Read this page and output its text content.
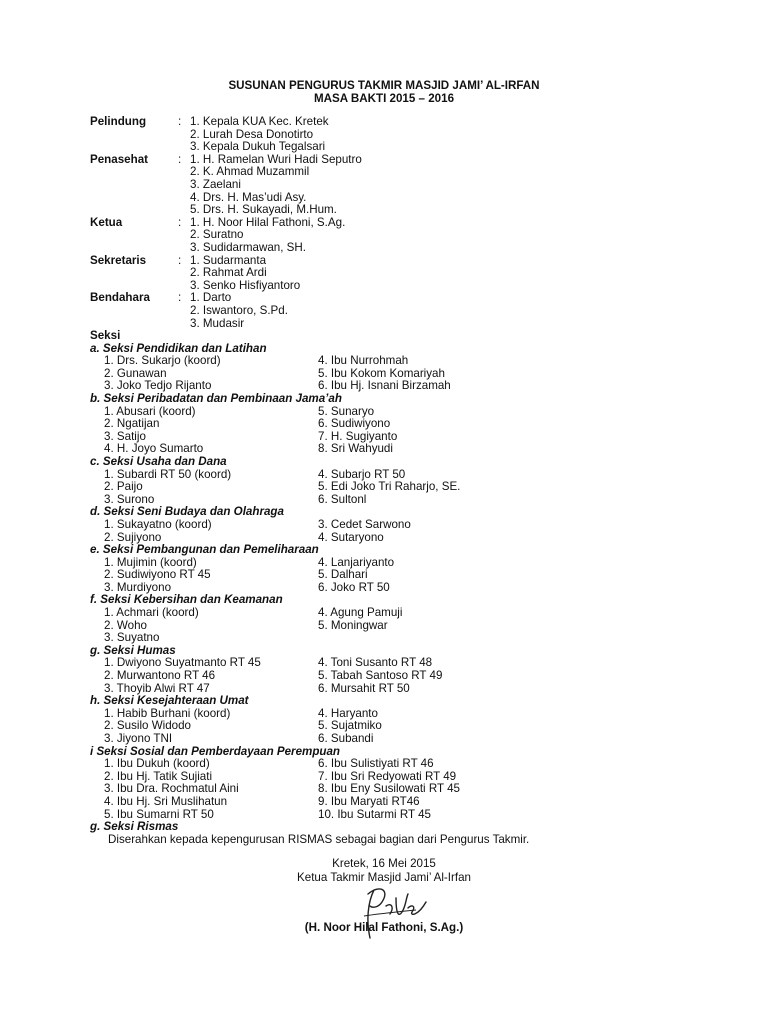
SUSUNAN PENGURUS TAKMIR MASJID JAMI’ AL-IRFAN
MASA BAKTI 2015 – 2016
Pelindung	: 1. Kepala KUA Kec. Kretek
2. Lurah Desa Donotirto
3. Kepala Dukuh Tegalsari
Penasehat	: 1. H. Ramelan Wuri Hadi Seputro
2. K. Ahmad Muzammil
3. Zaelani
4. Drs. H. Mas’udi Asy.
5. Drs. H. Sukayadi, M.Hum.
Ketua	: 1. H. Noor Hilal Fathoni, S.Ag.
2. Suratno
3. Sudidarmawan, SH.
Sekretaris	: 1. Sudarmanta
2. Rahmat Ardi
3. Senko Hisfiyantoro
Bendahara : 1. Darto
2. Iswantoro, S.Pd.
3. Mudasir
Seksi
a. Seksi Pendidikan dan Latihan
1. Drs. Sukarjo (koord)	4. Ibu Nurrohmah
2. Gunawan	5. Ibu Kokom Komariyah
3. Joko Tedjo Rijanto	6. Ibu Hj. Isnani Birzamah
b. Seksi Peribadatan dan Pembinaan Jama’ah
1. Abusari (koord)	5. Sunaryo
2. Ngatijan	6. Sudiwiyono
3. Satijo	7. H. Sugiyanto
4. H. Joyo Sumarto	8. Sri Wahyudi
c. Seksi Usaha dan Dana
1. Subardi RT 50 (koord)	4. Subarjo RT 50
2. Paijo	5. Edi Joko Tri Raharjo, SE.
3. Surono	6. Sultonl
d. Seksi Seni Budaya dan Olahraga
1. Sukayatno (koord)	3. Cedet Sarwono
2. Sujiyono	4. Sutaryono
e. Seksi Pembangunan dan Pemeliharaan
1. Mujimin (koord)	4. Lanjariyanto
2. Sudiwiyono RT 45	5. Dalhari
3. Murdiyono	6. Joko RT 50
f. Seksi Kebersihan dan Keamanan
1. Achmari (koord)	4. Agung Pamuji
2. Woho	5. Moningwar
3. Suyatno
g. Seksi Humas
1. Dwiyono Suyatmanto RT 45	4. Toni Susanto RT 48
2. Murwantono RT 46	5. Tabah Santoso RT 49
3. Thoyib Alwi RT 47	6. Mursahit RT 50
h. Seksi Kesejahteraan Umat
1. Habib Burhani (koord)	4. Haryanto
2. Susilo Widodo	5. Sujatmiko
3. Jiyono TNI	6. Subandi
i Seksi Sosial dan Pemberdayaan Perempuan
1. Ibu Dukuh (koord)	6. Ibu Sulistiyati RT 46
2. Ibu Hj. Tatik Sujiati	7. Ibu Sri Redyowati RT 49
3. Ibu Dra. Rochmatul Aini	8. Ibu Eny Susilowati RT 45
4. Ibu Hj. Sri Muslihatun	9. Ibu Maryati RT46
5. Ibu Sumarni RT 50	10. Ibu Sutarmi RT 45
g. Seksi Rismas
Diserahkan kepada kepengurusan RISMAS sebagai bagian dari Pengurus Takmir.
Kretek, 16 Mei 2015
Ketua Takmir Masjid Jami’ Al-Irfan
(H. Noor Hilal Fathoni, S.Ag.)
